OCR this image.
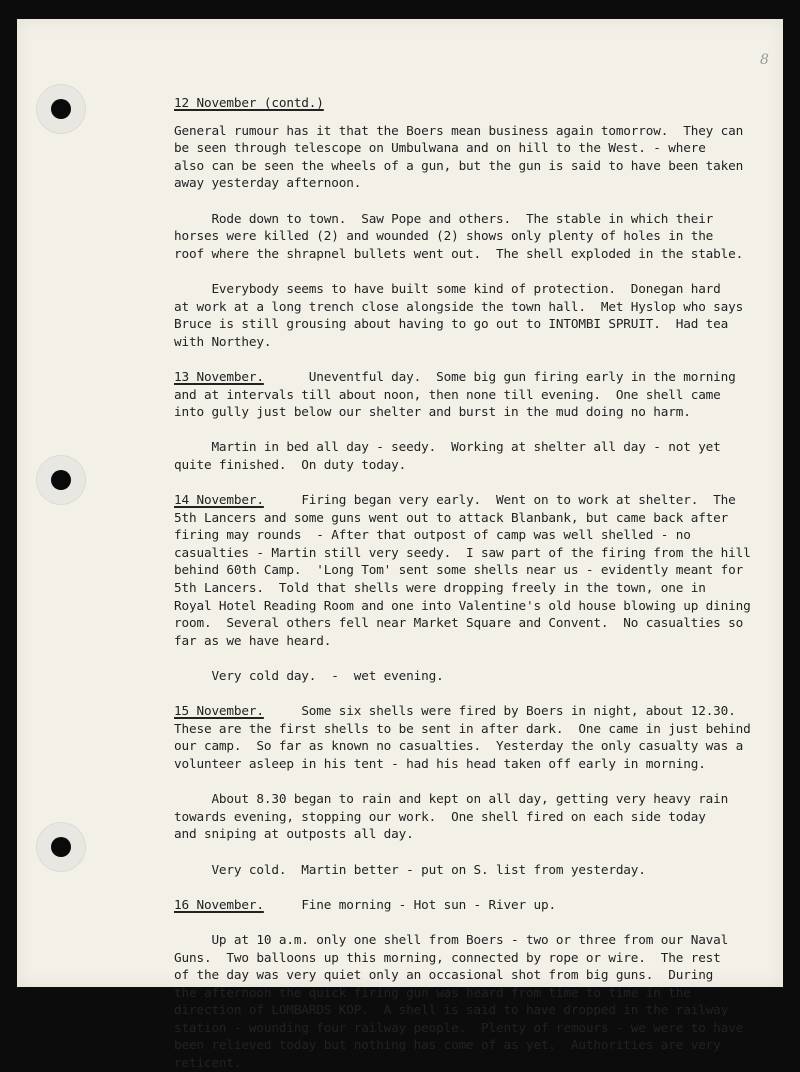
8
12 November (contd.)
General rumour has it that the Boers mean business again tomorrow.  They can
be seen through telescope on Umbulwana and on hill to the West. - where
also can be seen the wheels of a gun, but the gun is said to have been taken
away yesterday afternoon.
Rode down to town.  Saw Pope and others.  The stable in which their
horses were killed (2) and wounded (2) shows only plenty of holes in the
roof where the shrapnel bullets went out.  The shell exploded in the stable.
Everybody seems to have built some kind of protection.  Donegan hard
at work at a long trench close alongside the town hall.  Met Hyslop who says
Bruce is still grousing about having to go out to INTOMBI SPRUIT.  Had tea
with Northey.
13 November.      Uneventful day.  Some big gun firing early in the morning
and at intervals till about noon, then none till evening.  One shell came
into gully just below our shelter and burst in the mud doing no harm.
Martin in bed all day - seedy.  Working at shelter all day - not yet
quite finished.  On duty today.
14 November.     Firing began very early.  Went on to work at shelter.  The
5th Lancers and some guns went out to attack Blanbank, but came back after
firing may rounds  - After that outpost of camp was well shelled - no
casualties - Martin still very seedy.  I saw part of the firing from the hill
behind 60th Camp.  'Long Tom' sent some shells near us - evidently meant for
5th Lancers.  Told that shells were dropping freely in the town, one in
Royal Hotel Reading Room and one into Valentine's old house blowing up dining
room.  Several others fell near Market Square and Convent.  No casualties so
far as we have heard.
Very cold day.  -  wet evening.
15 November.     Some six shells were fired by Boers in night, about 12.30.
These are the first shells to be sent in after dark.  One came in just behind
our camp.  So far as known no casualties.  Yesterday the only casualty was a
volunteer asleep in his tent - had his head taken off early in morning.
About 8.30 began to rain and kept on all day, getting very heavy rain
towards evening, stopping our work.  One shell fired on each side today
and sniping at outposts all day.
Very cold.  Martin better - put on S. list from yesterday.
16 November.     Fine morning - Hot sun - River up.
Up at 10 a.m. only one shell from Boers - two or three from our Naval
Guns.  Two balloons up this morning, connected by rope or wire.  The rest
of the day was very quiet only an occasional shot from big guns.  During
the afternoon the quick firing gun was heard from time to time in the
direction of LOMBARDS KOP.  A shell is said to have dropped in the railway
station - wounding four railway people.  Plenty of remours - we were to have
been relieved today but nothing has come of as yet.  Authorities are very
reticent.
